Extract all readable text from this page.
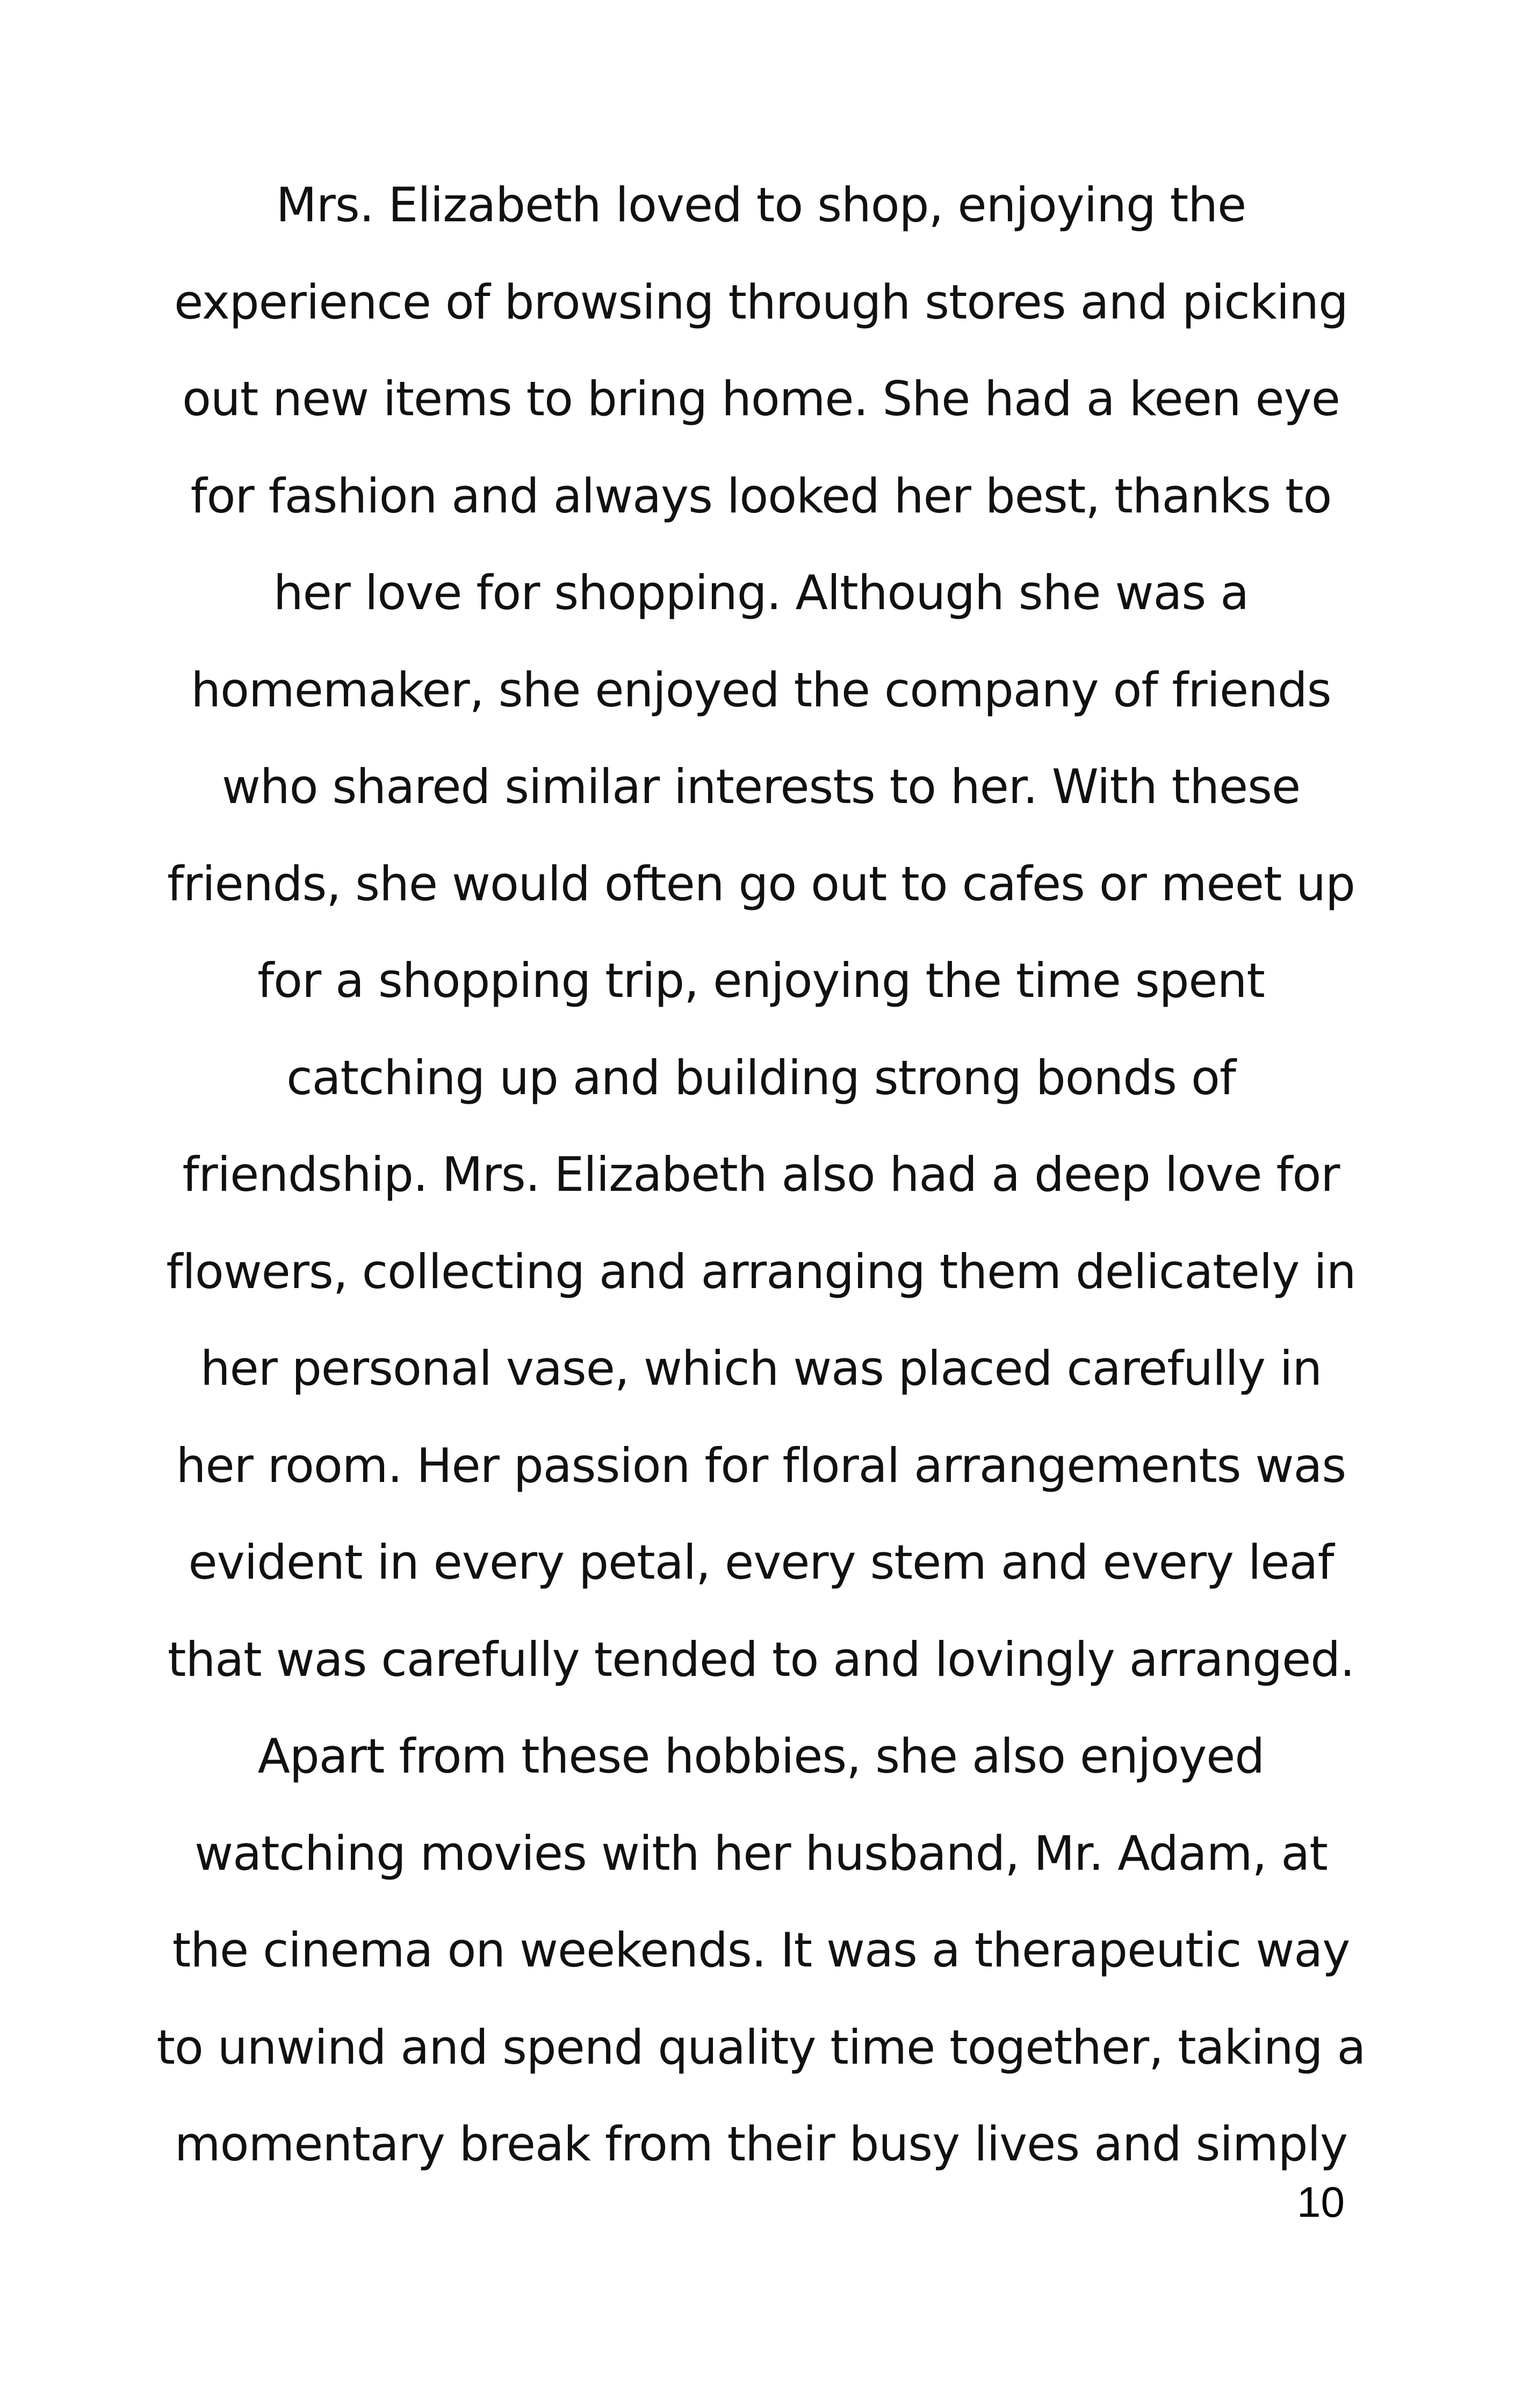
Mrs. Elizabeth loved to shop, enjoying the
experience of browsing through stores and picking
out new items to bring home. She had a keen eye
for fashion and always looked her best, thanks to
her love for shopping. Although she was a
homemaker, she enjoyed the company of friends
who shared similar interests to her. With these
friends, she would often go out to cafes or meet up
for a shopping trip, enjoying the time spent
catching up and building strong bonds of
friendship. Mrs. Elizabeth also had a deep love for
flowers, collecting and arranging them delicately in
her personal vase, which was placed carefully in
her room. Her passion for floral arrangements was
evident in every petal, every stem and every leaf
that was carefully tended to and lovingly arranged.
Apart from these hobbies, she also enjoyed
watching movies with her husband, Mr. Adam, at
the cinema on weekends. It was a therapeutic way
to unwind and spend quality time together, taking a
momentary break from their busy lives and simply
10
